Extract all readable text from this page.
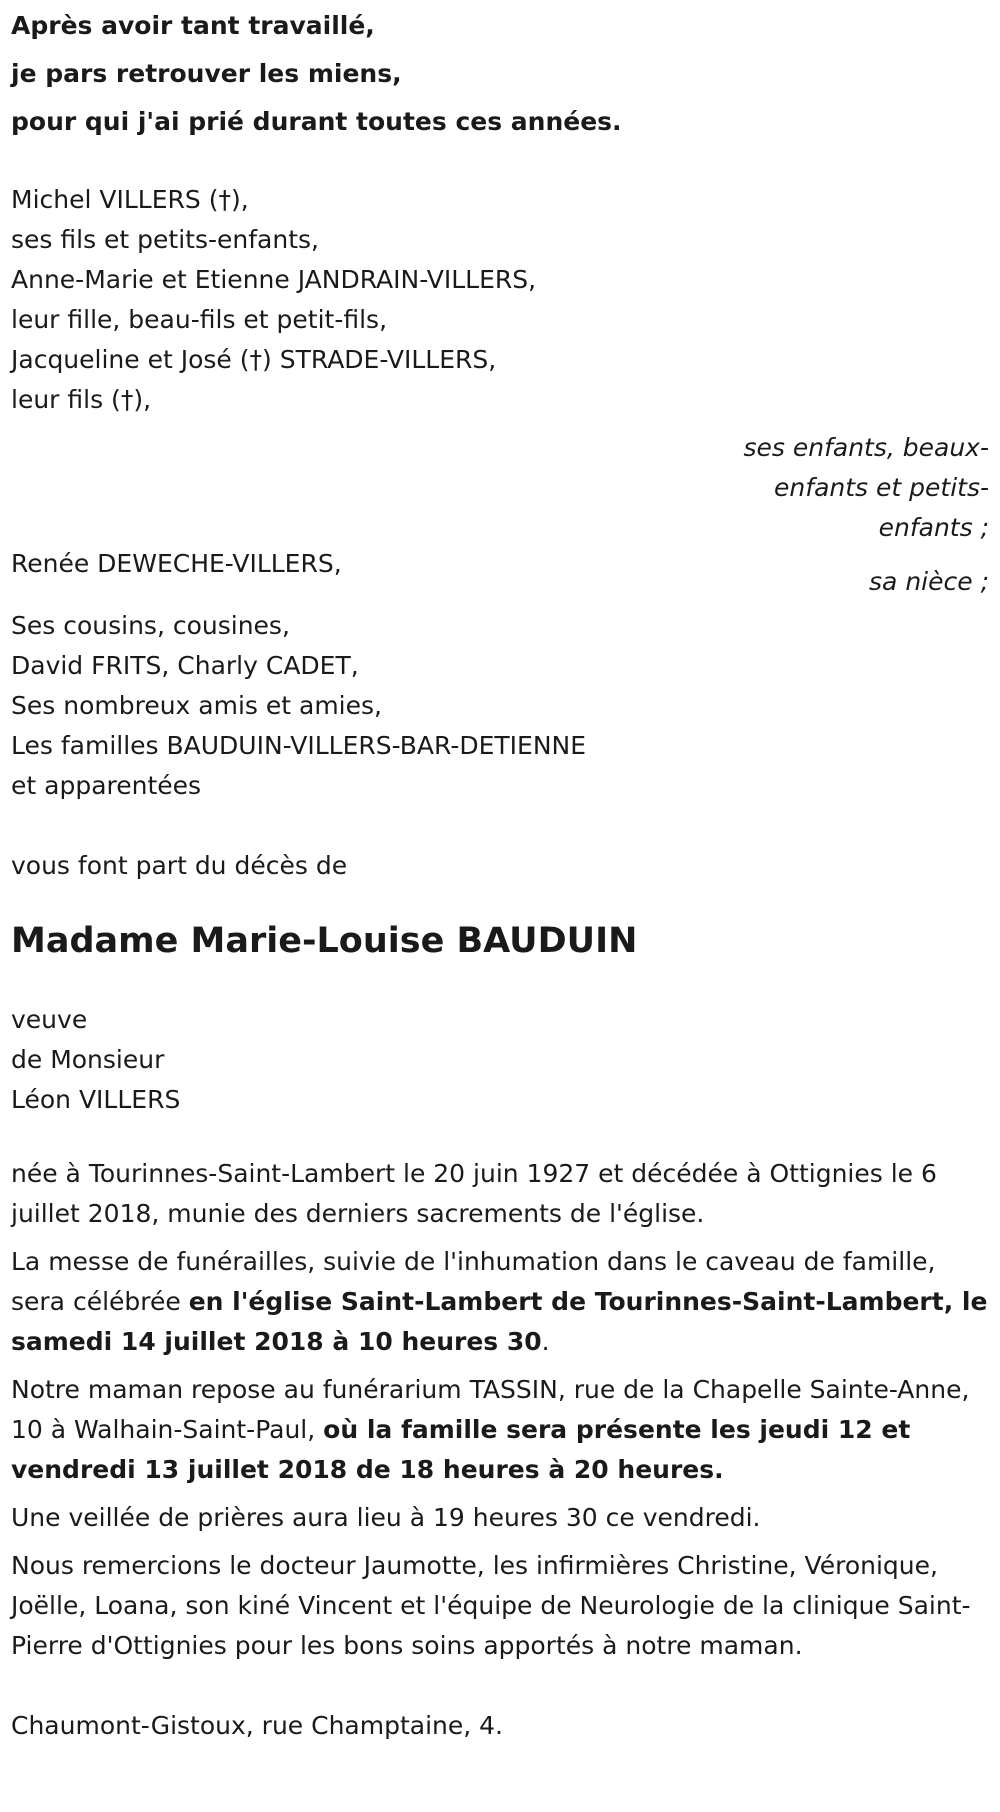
Après avoir tant travaillé,
je pars retrouver les miens,
pour qui j'ai prié durant toutes ces années.
Michel VILLERS (†),
ses fils et petits-enfants,
Anne-Marie et Etienne JANDRAIN-VILLERS,
leur fille, beau-fils et petit-fils,
Jacqueline et José (†) STRADE-VILLERS,
leur fils (†),
ses enfants, beaux-
enfants et petits-
enfants ;
Renée DEWECHE-VILLERS,
sa nièce ;
Ses cousins, cousines,
David FRITS, Charly CADET,
Ses nombreux amis et amies,
Les familles BAUDUIN-VILLERS-BAR-DETIENNE
et apparentées
vous font part du décès de
Madame Marie-Louise BAUDUIN
veuve
de Monsieur
Léon VILLERS

née à Tourinnes-Saint-Lambert le 20 juin 1927 et décédée à Ottignies le 6 juillet 2018, munie des derniers sacrements de l'église.

La messe de funérailles, suivie de l'inhumation dans le caveau de famille, sera célébrée en l'église Saint-Lambert de Tourinnes-Saint-Lambert, le samedi 14 juillet 2018 à 10 heures 30.

Notre maman repose au funérarium TASSIN, rue de la Chapelle Sainte-Anne, 10 à Walhain-Saint-Paul, où la famille sera présente les jeudi 12 et vendredi 13 juillet 2018 de 18 heures à 20 heures.

Une veillée de prières aura lieu à 19 heures 30 ce vendredi.

Nous remercions le docteur Jaumotte, les infirmières Christine, Véronique, Joëlle, Loana, son kiné Vincent et l'équipe de Neurologie de la clinique Saint-Pierre d'Ottignies pour les bons soins apportés à notre maman.

Chaumont-Gistoux, rue Champtaine, 4.
